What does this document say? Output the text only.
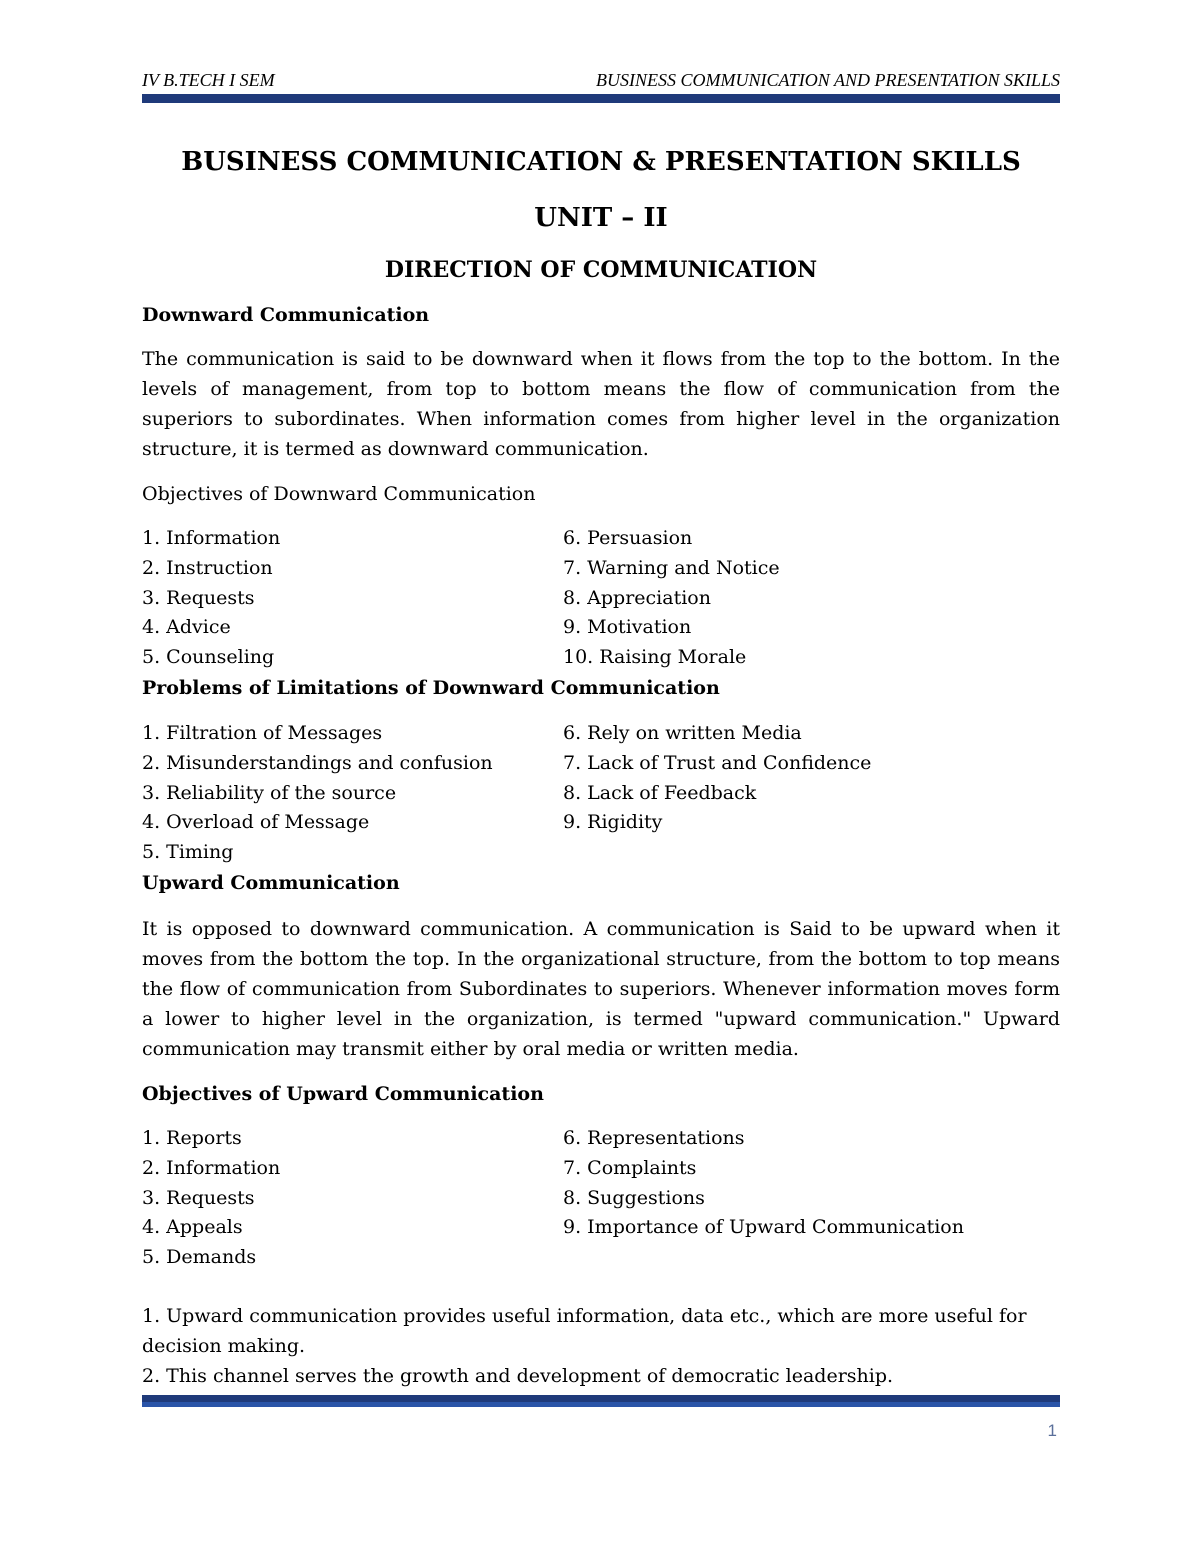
IV B.TECH I SEM	BUSINESS COMMUNICATION AND PRESENTATION SKILLS
BUSINESS COMMUNICATION & PRESENTATION SKILLS
UNIT – II
DIRECTION OF COMMUNICATION

Downward Communication

The communication is said to be downward when it flows from the top to the bottom. In the levels of management, from top to bottom means the flow of communication from the superiors to subordinates. When information comes from higher level in the organization structure, it is termed as downward communication.

Objectives of Downward Communication

1. Information	6. Persuasion
2. Instruction	7. Warning and Notice
3. Requests	8. Appreciation
4. Advice	9. Motivation
5. Counseling	10. Raising Morale

Problems of Limitations of Downward Communication

1. Filtration of Messages	6. Rely on written Media
2. Misunderstandings and confusion	7. Lack of Trust and Confidence
3. Reliability of the source	8. Lack of Feedback
4. Overload of Message	9. Rigidity
5. Timing

Upward Communication

It is opposed to downward communication. A communication is Said to be upward when it moves from the bottom the top. In the organizational structure, from the bottom to top means the flow of communication from Subordinates to superiors. Whenever information moves form a lower to higher level in the organization, is termed "upward communication." Upward communication may transmit either by oral media or written media.

Objectives of Upward Communication

1. Reports	6. Representations
2. Information	7. Complaints
3. Requests	8. Suggestions
4. Appeals	9. Importance of Upward Communication
5. Demands

1. Upward communication provides useful information, data etc., which are more useful for decision making.

2. This channel serves the growth and development of democratic leadership.

1
